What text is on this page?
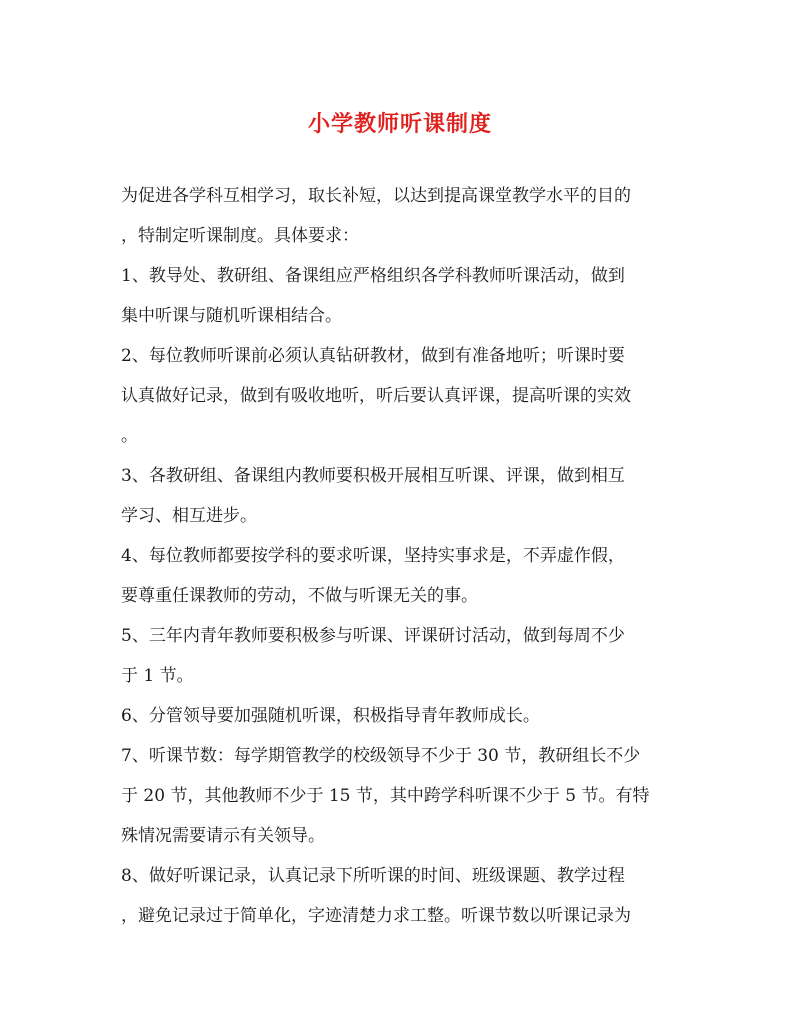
小学教师听课制度
为促进各学科互相学习，取长补短，以达到提高课堂教学水平的目的
，特制定听课制度。具体要求：
1、教导处、教研组、备课组应严格组织各学科教师听课活动，做到
集中听课与随机听课相结合。
2、每位教师听课前必须认真钻研教材，做到有准备地听；听课时要
认真做好记录，做到有吸收地听，听后要认真评课，提高听课的实效
。
3、各教研组、备课组内教师要积极开展相互听课、评课，做到相互
学习、相互进步。
4、每位教师都要按学科的要求听课，坚持实事求是，不弄虚作假，
要尊重任课教师的劳动，不做与听课无关的事。
5、三年内青年教师要积极参与听课、评课研讨活动，做到每周不少
于 1 节。
6、分管领导要加强随机听课，积极指导青年教师成长。
7、听课节数：每学期管教学的校级领导不少于 30 节，教研组长不少
于 20 节，其他教师不少于 15 节，其中跨学科听课不少于 5 节。有特
殊情况需要请示有关领导。
8、做好听课记录，认真记录下所听课的时间、班级课题、教学过程
，避免记录过于简单化，字迹清楚力求工整。听课节数以听课记录为
